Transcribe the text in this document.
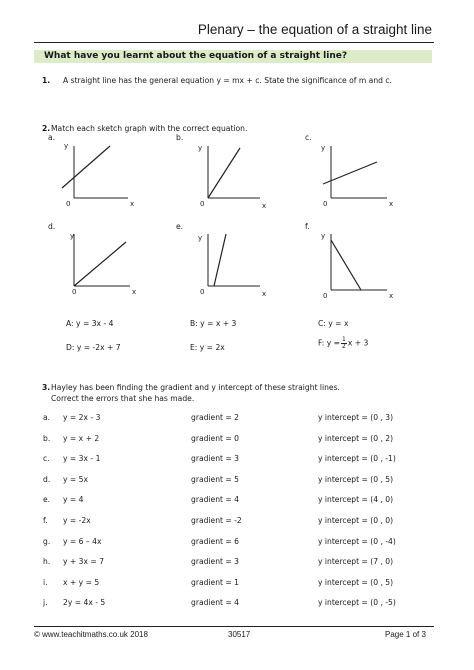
Plenary – the equation of a straight line
What have you learnt about the equation of a straight line?
1. A straight line has the general equation y = mx + c. State the significance of m and c.
2. Match each sketch graph with the correct equation.
a.	b.	c.
d.	e.	f.
y
0	x
y
0	x
y
0	x
y
0	x
y
0	x
y
0	x
A: y = 3x - 4	B: y = x + 3	C: y = x
D: y = -2x + 7	E: y = 2x	F: $y = \frac{1}{2}$ x + 3
3. Hayley has been finding the gradient and y intercept of these straight lines.
Correct the errors that she has made.
a. y = 2x - 3	gradient = 2	y intercept = (0 , 3)
b. y = x + 2	gradient = 0	y intercept = (0 , 2)
c. y = 3x - 1	gradient = 3	y intercept = (0 , -1)
d. y = 5x	gradient = 5	y intercept = (0 , 5)
e. y = 4	gradient = 4	y intercept = (4 , 0)
f. y = -2x	gradient = -2	y intercept = (0 , 0)
g. y = 6 – 4x	gradient = 6	y intercept = (0 , -4)
h. y + 3x = 7	gradient = 3	y intercept = (7 , 0)
i. x + y = 5	gradient = 1	y intercept = (0 , 5)
j. 2y = 4x - 5	gradient = 4	y intercept = (0 , -5)
© www.teachitmaths.co.uk 2018	30517	Page 1 of 3
